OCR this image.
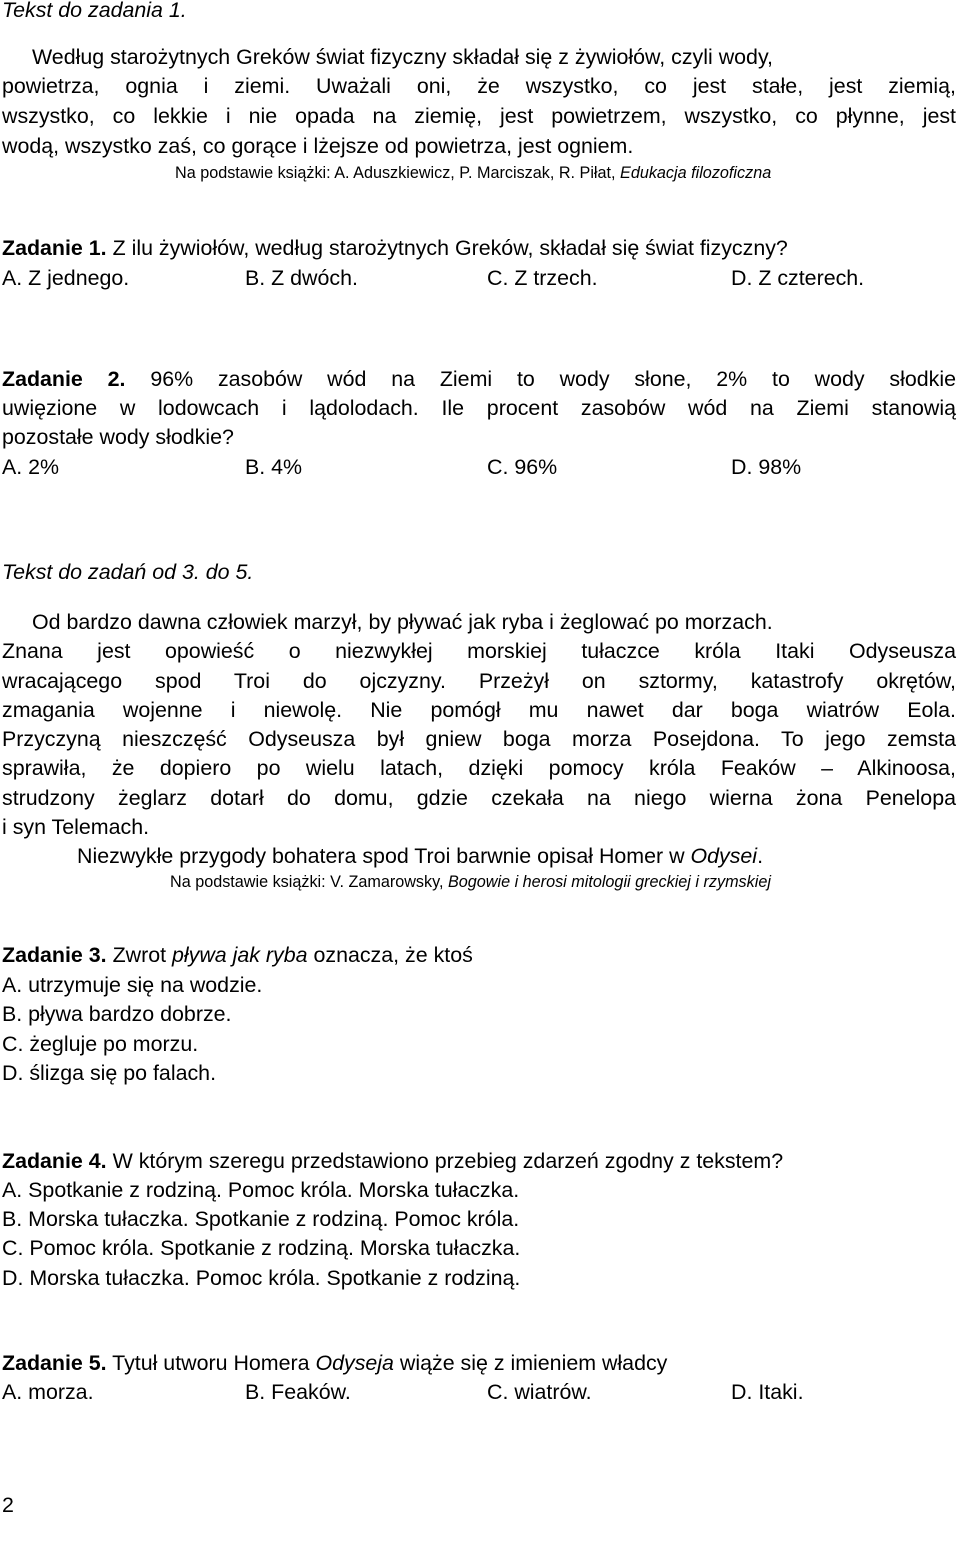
Tekst do zadania 1.
Według starożytnych Greków świat fizyczny składał się z żywiołów, czyli wody,
powietrza, ognia i ziemi. Uważali oni, że wszystko, co jest stałe, jest ziemią,
wszystko, co lekkie i nie opada na ziemię, jest powietrzem, wszystko, co płynne, jest
wodą, wszystko zaś, co gorące i lżejsze od powietrza, jest ogniem.
Na podstawie książki: A. Aduszkiewicz, P. Marciszak, R. Piłat, Edukacja filozoficzna
Zadanie 1. Z ilu żywiołów, według starożytnych Greków, składał się świat fizyczny?
A. Z jednego.	B. Z dwóch.	C. Z trzech.	D. Z czterech.
Zadanie 2. 96% zasobów wód na Ziemi to wody słone, 2% to wody słodkie
uwięzione w lodowcach i lądolodach. Ile procent zasobów wód na Ziemi stanowią
pozostałe wody słodkie?
A. 2%	B. 4%	C. 96%	D. 98%
Tekst do zadań od 3. do 5.
Od bardzo dawna człowiek marzył, by pływać jak ryba i żeglować po morzach.
Znana jest opowieść o niezwykłej morskiej tułaczce króla Itaki Odyseusza
wracającego spod Troi do ojczyzny. Przeżył on sztormy, katastrofy okrętów,
zmagania wojenne i niewolę. Nie pomógł mu nawet dar boga wiatrów Eola.
Przyczyną nieszczęść Odyseusza był gniew boga morza Posejdona. To jego zemsta
sprawiła, że dopiero po wielu latach, dzięki pomocy króla Feaków – Alkinoosa,
strudzony żeglarz dotarł do domu, gdzie czekała na niego wierna żona Penelopa
i syn Telemach.
Niezwykłe przygody bohatera spod Troi barwnie opisał Homer w Odysei.
Na podstawie książki: V. Zamarowsky, Bogowie i herosi mitologii greckiej i rzymskiej
Zadanie 3. Zwrot pływa jak ryba oznacza, że ktoś
A. utrzymuje się na wodzie.
B. pływa bardzo dobrze.
C. żegluje po morzu.
D. ślizga się po falach.
Zadanie 4. W którym szeregu przedstawiono przebieg zdarzeń zgodny z tekstem?
A. Spotkanie z rodziną. Pomoc króla. Morska tułaczka.
B. Morska tułaczka. Spotkanie z rodziną. Pomoc króla.
C. Pomoc króla. Spotkanie z rodziną. Morska tułaczka.
D. Morska tułaczka. Pomoc króla. Spotkanie z rodziną.
Zadanie 5. Tytuł utworu Homera Odyseja wiąże się z imieniem władcy
A. morza.	B. Feaków.	C. wiatrów.	D. Itaki.
2
